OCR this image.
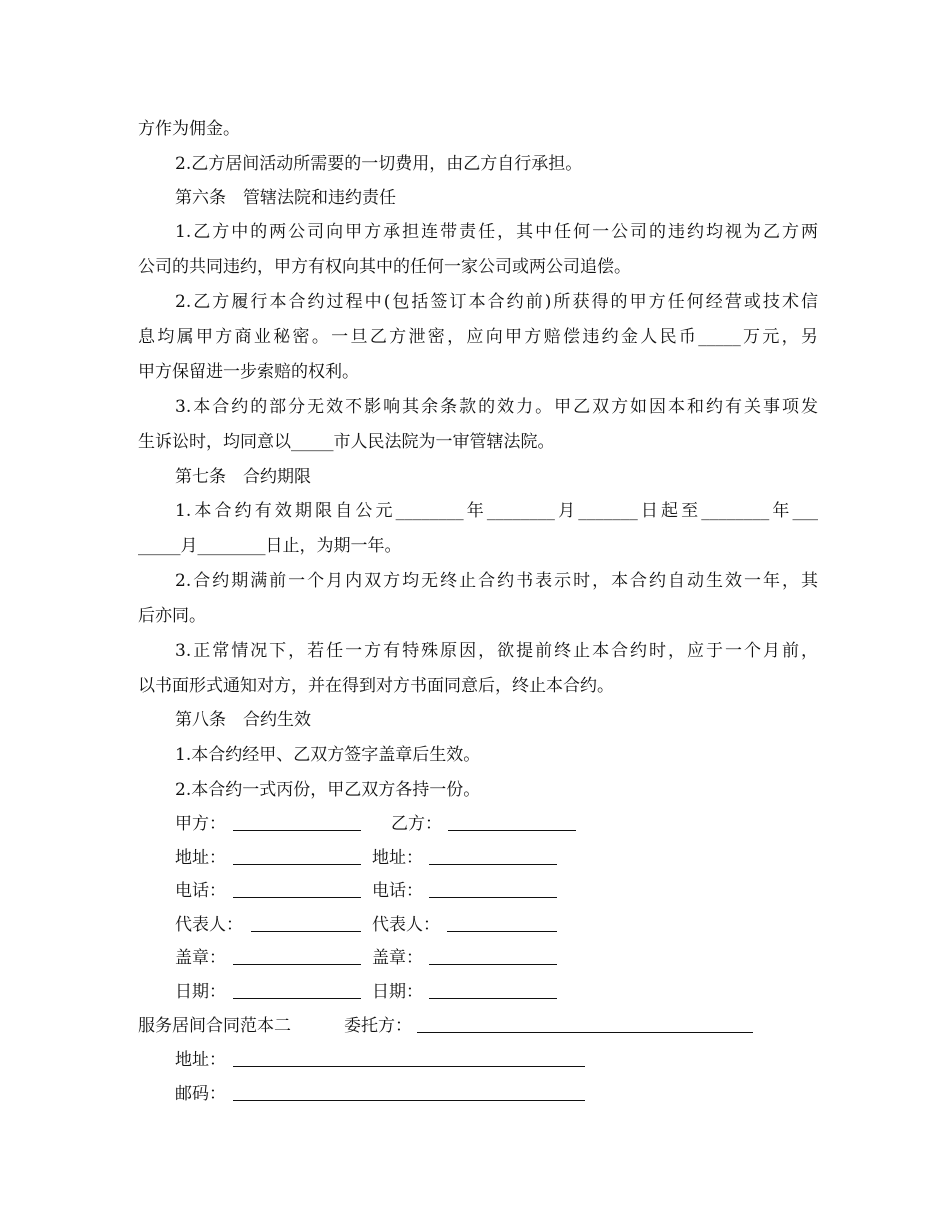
方作为佣金。
2.乙方居间活动所需要的一切费用，由乙方自行承担。
第六条　管辖法院和违约责任
1.乙方中的两公司向甲方承担连带责任，其中任何一公司的违约均视为乙方两
公司的共同违约，甲方有权向其中的任何一家公司或两公司追偿。
2.乙方履行本合约过程中(包括签订本合约前)所获得的甲方任何经营或技术信
息均属甲方商业秘密。一旦乙方泄密，应向甲方赔偿违约金人民币_____万元，另
甲方保留进一步索赔的权利。
3.本合约的部分无效不影响其余条款的效力。甲乙双方如因本和约有关事项发
生诉讼时，均同意以_____市人民法院为一审管辖法院。
第七条　合约期限
1.本合约有效期限自公元________年________月_______日起至________年___
_____月________日止，为期一年。
2.合约期满前一个月内双方均无终止合约书表示时，本合约自动生效一年，其
后亦同。
3.正常情况下，若任一方有特殊原因，欲提前终止本合约时，应于一个月前，
以书面形式通知对方，并在得到对方书面同意后，终止本合约。
第八条　合约生效
1.本合约经甲、乙双方签字盖章后生效。
2.本合约一式丙份，甲乙双方各持一份。
甲方：
地址：
电话：
代表人：
盖章：
日期：
乙方：
地址：
电话：
代表人：
盖章：
日期：
服务居间合同范本二	委托方：
地址：
邮码：
